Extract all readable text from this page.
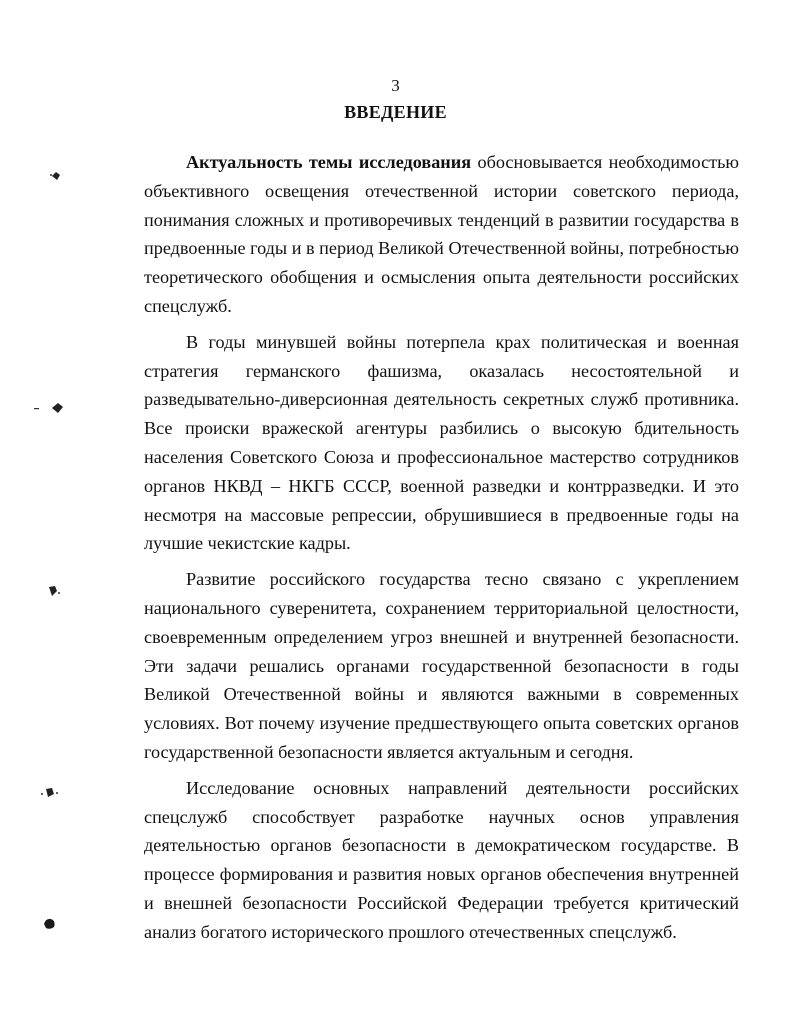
3
ВВЕДЕНИЕ

Актуальность темы исследования обосновывается необходимостью объективного освещения отечественной истории советского периода, понимания сложных и противоречивых тенденций в развитии государства в предвоенные годы и в период Великой Отечественной войны, потребностью теоретического обобщения и осмысления опыта деятельности российских спецслужб.

В годы минувшей войны потерпела крах политическая и военная стратегия германского фашизма, оказалась несостоятельной и разведывательно-диверсионная деятельность секретных служб противника. Все происки вражеской агентуры разбились о высокую бдительность населения Советского Союза и профессиональное мастерство сотрудников органов НКВД – НКГБ СССР, военной разведки и контрразведки. И это несмотря на массовые репрессии, обрушившиеся в предвоенные годы на лучшие чекистские кадры.

Развитие российского государства тесно связано с укреплением национального суверенитета, сохранением территориальной целостности, своевременным определением угроз внешней и внутренней безопасности. Эти задачи решались органами государственной безопасности в годы Великой Отечественной войны и являются важными в современных условиях. Вот почему изучение предшествующего опыта советских органов государственной безопасности является актуальным и сегодня.

Исследование основных направлений деятельности российских спецслужб способствует разработке научных основ управления деятельностью органов безопасности в демократическом государстве. В процессе формирования и развития новых органов обеспечения внутренней и внешней безопасности Российской Федерации требуется критический анализ богатого исторического прошлого отечественных спецслужб.
